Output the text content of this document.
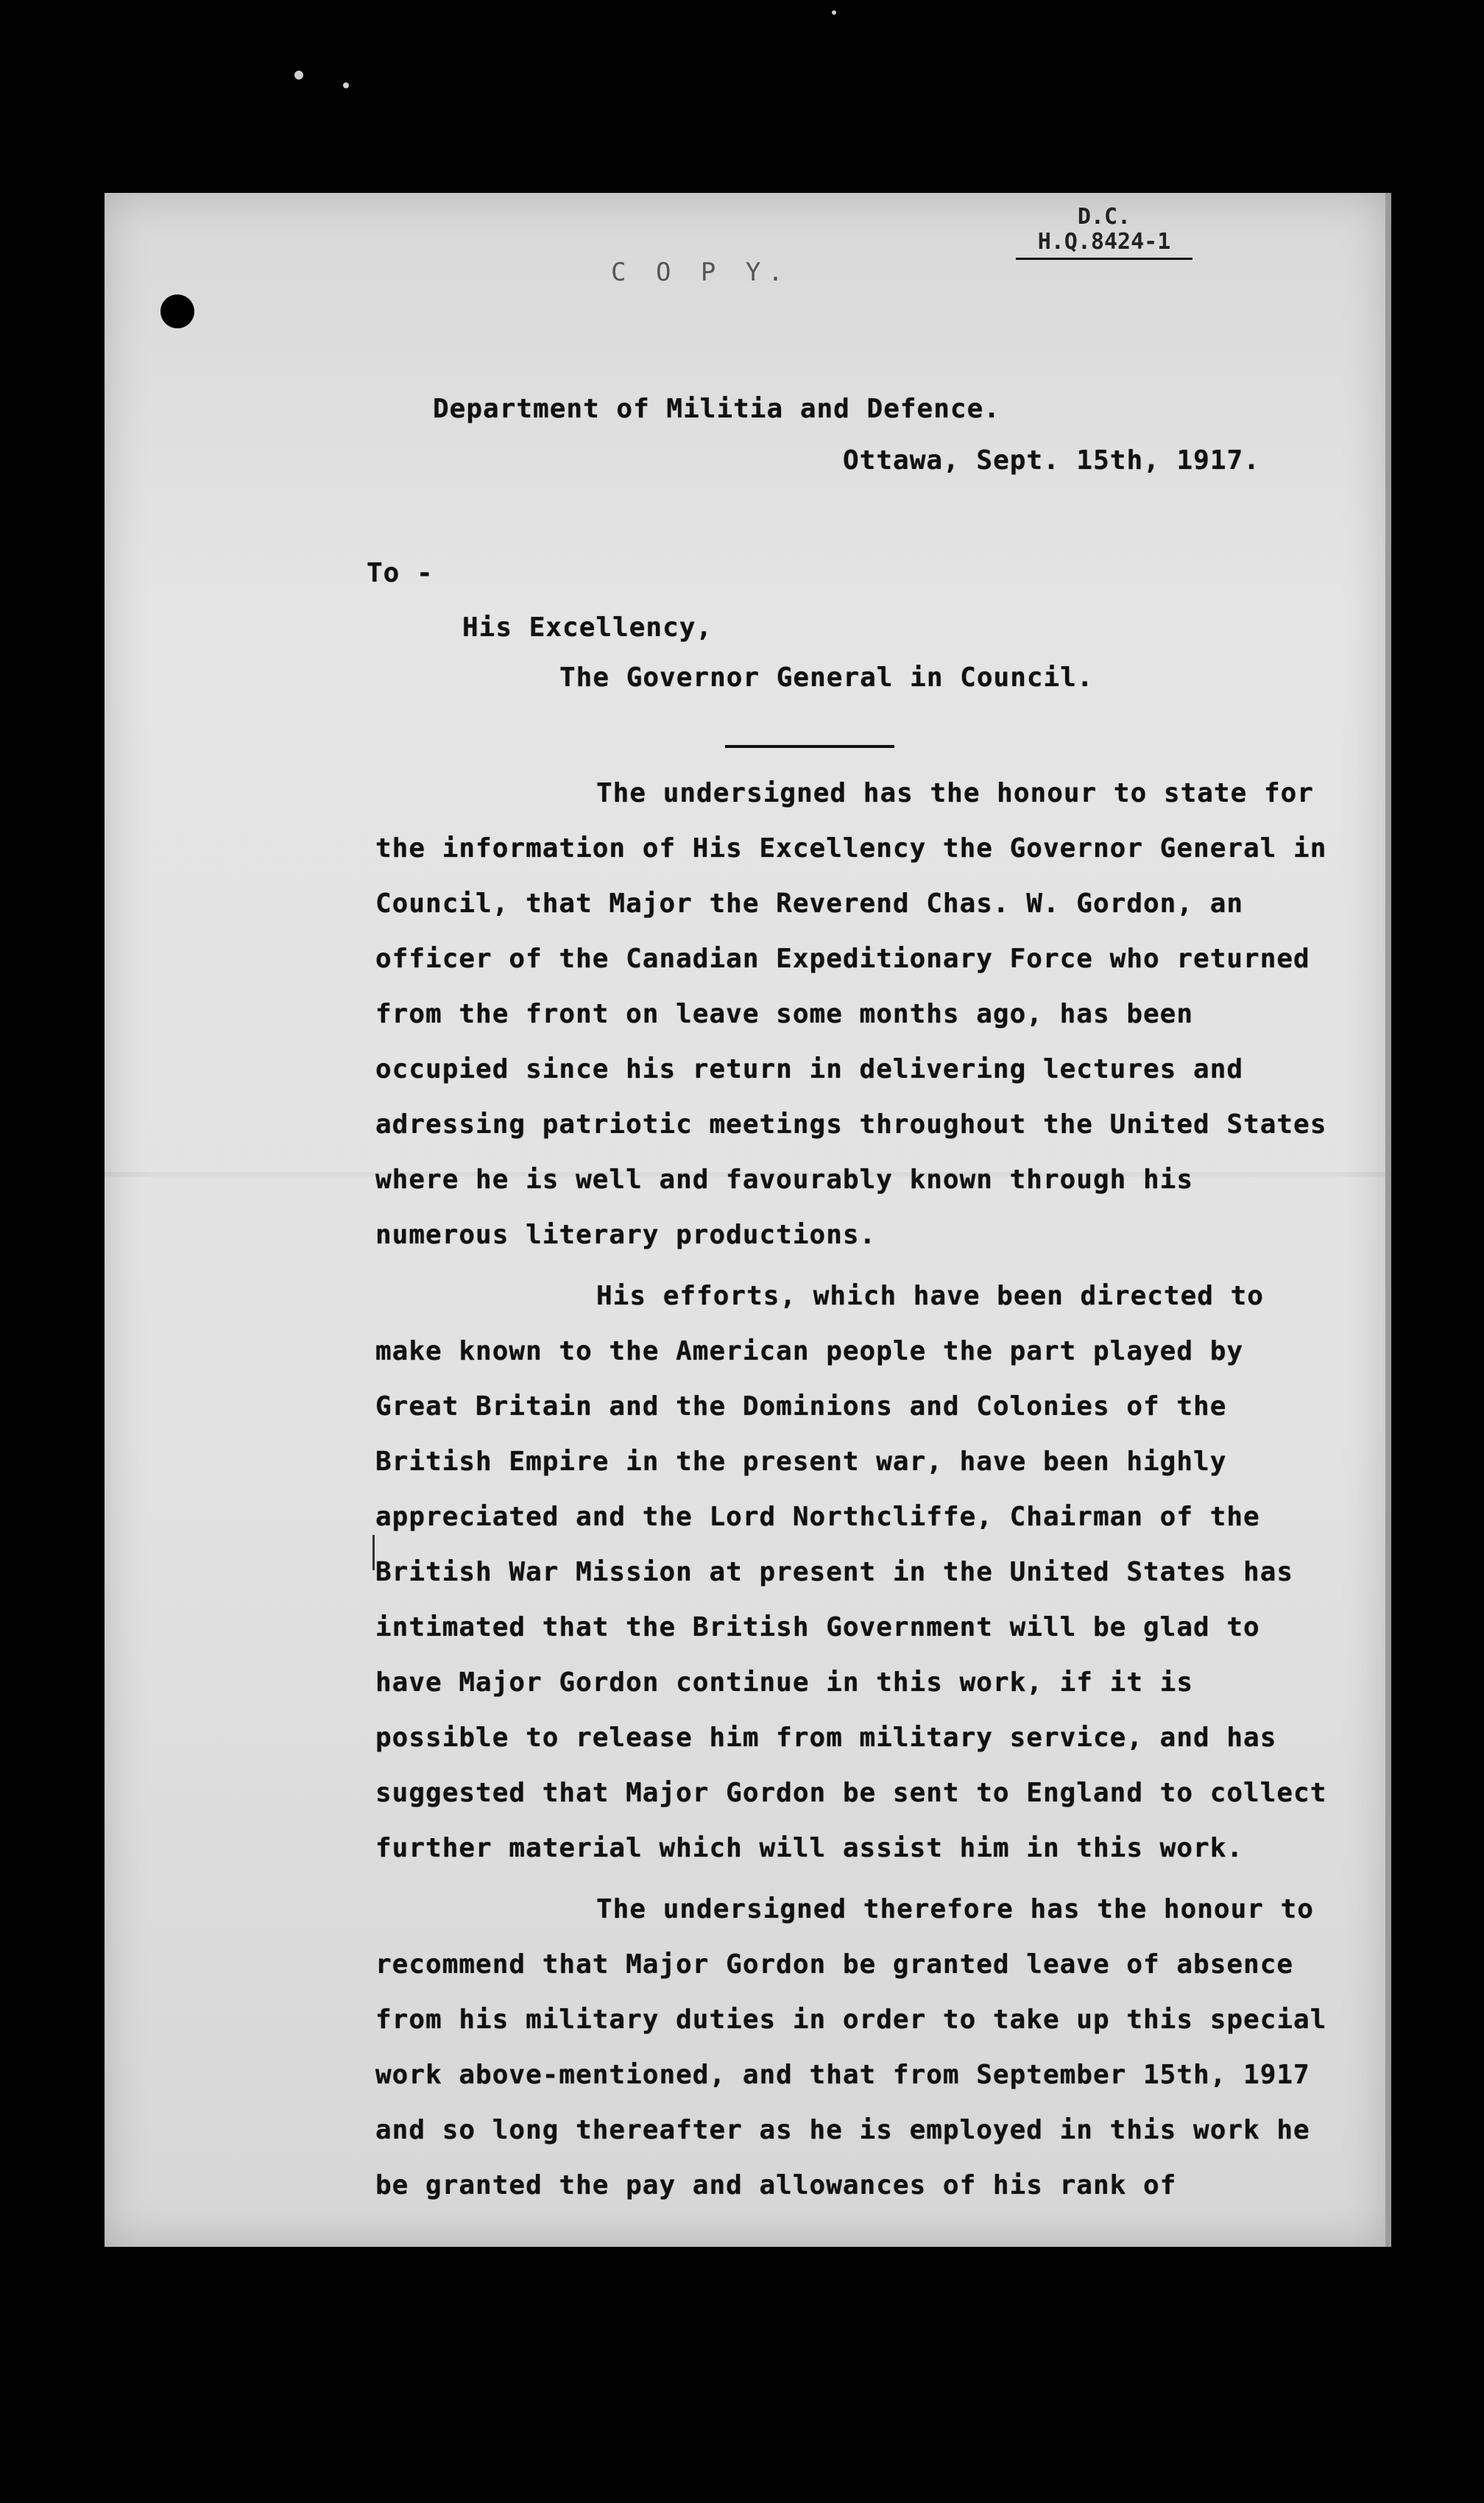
D.C.
H.Q.8424-1
C O P Y.
Department of Militia and Defence.
Ottawa, Sept. 15th, 1917.
To -
His Excellency,
The Governor General in Council.

The undersigned has the honour to state for the information of His Excellency the Governor General in Council, that Major the Reverend Chas. W. Gordon, an officer of the Canadian Expeditionary Force who returned from the front on leave some months ago, has been occupied since his return in delivering lectures and adressing patriotic meetings throughout the United States where he is well and favourably known through his numerous literary productions.

His efforts, which have been directed to make known to the American people the part played by Great Britain and the Dominions and Colonies of the British Empire in the present war, have been highly appreciated and the Lord Northcliffe, Chairman of the British War Mission at present in the United States has intimated that the British Government will be glad to have Major Gordon continue in this work, if it is possible to release him from military service, and has suggested that Major Gordon be sent to England to collect further material which will assist him in this work.

The undersigned therefore has the honour to recommend that Major Gordon be granted leave of absence from his military duties in order to take up this special work above-mentioned, and that from September 15th, 1917 and so long thereafter as he is employed in this work he be granted the pay and allowances of his rank of
